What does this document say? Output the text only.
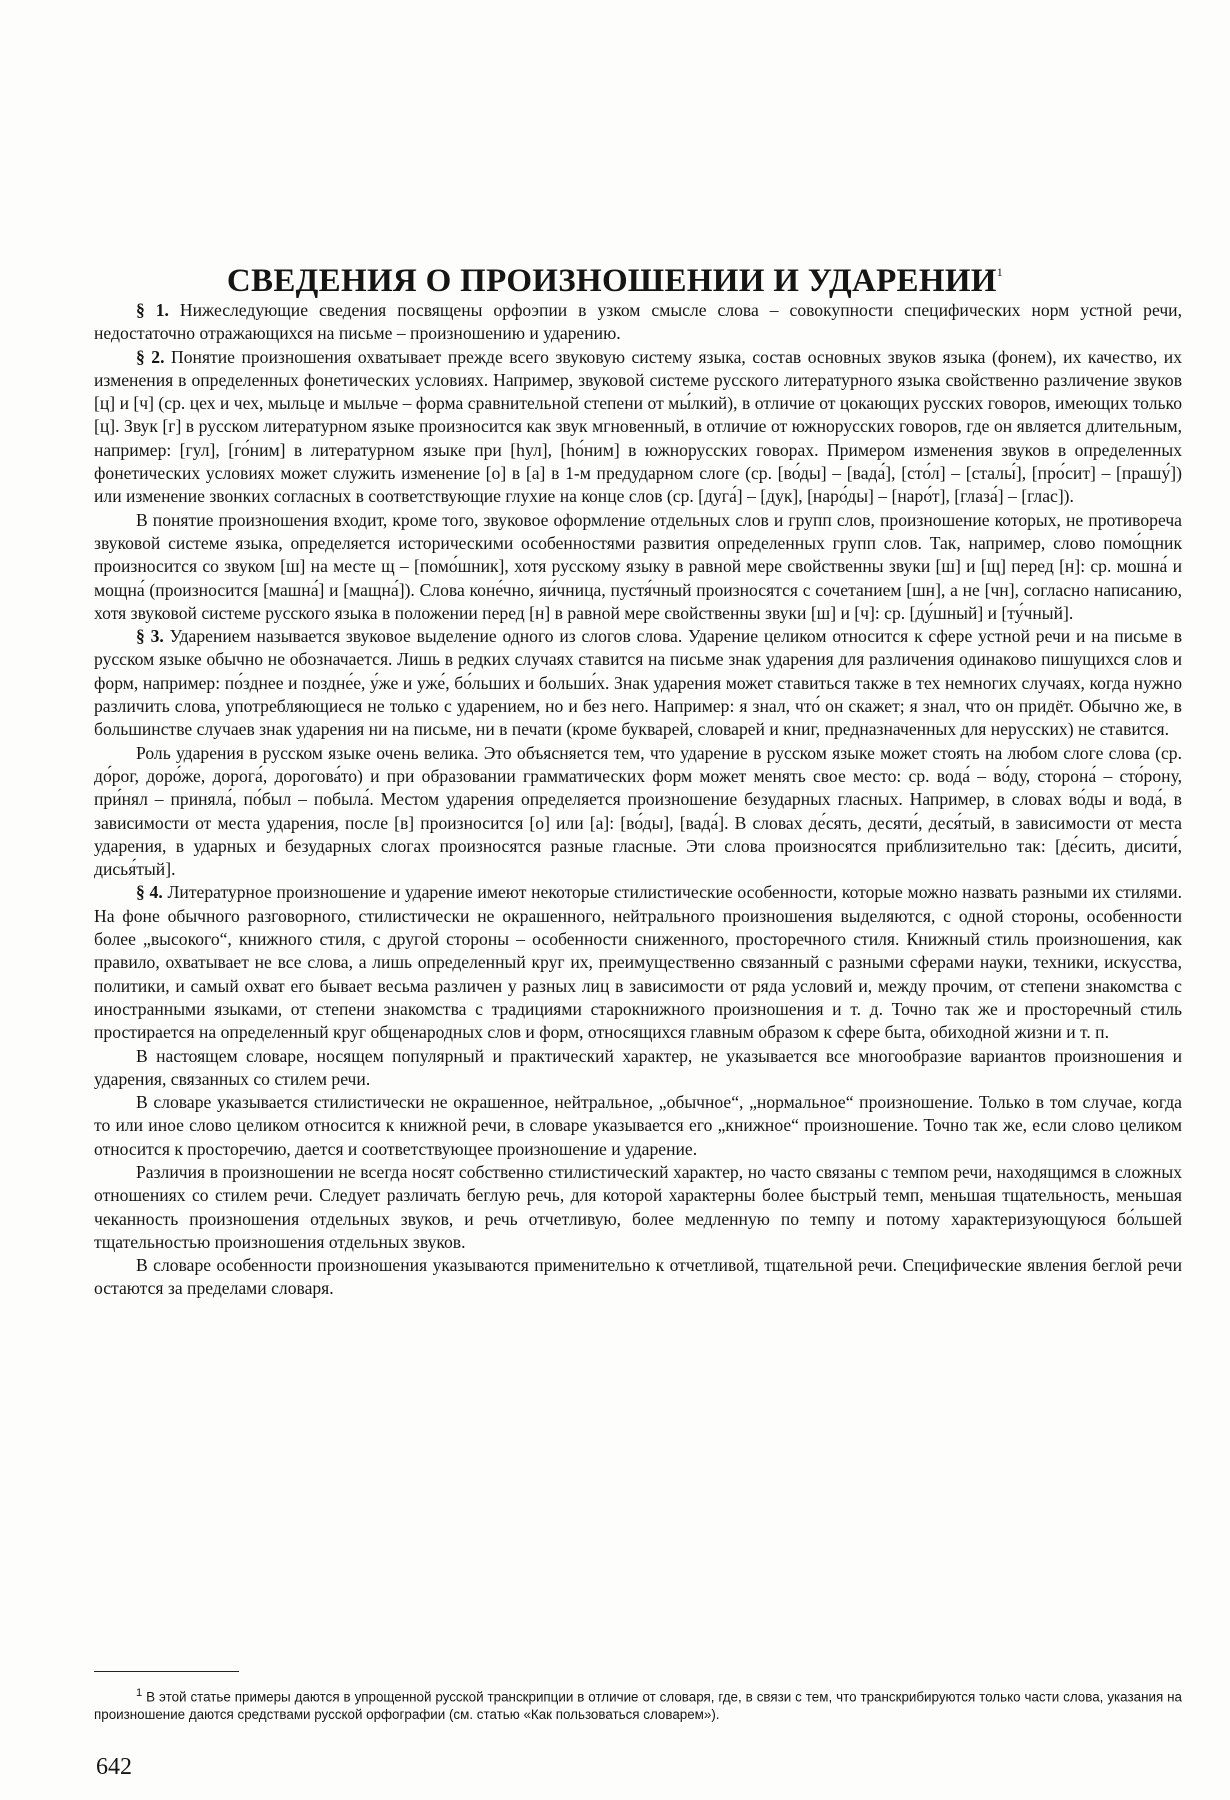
СВЕДЕНИЯ О ПРОИЗНОШЕНИИ И УДАРЕНИИ$^1$

§ 1. Нижеследующие сведения посвящены орфоэпии в узком смысле слова – совокупности специфических норм устной речи, недостаточно отражающихся на письме – произношению и ударению.

§ 2. Понятие произношения охватывает прежде всего звуковую систему языка, состав основных звуков языка (фонем), их качество, их изменения в определенных фонетических условиях. Например, звуковой системе русского литературного языка свойственно различение звуков [ц] и [ч] (ср. цех и чех, мыльце и мыльче – форма сравнительной степени от мы́лкий), в отличие от цокающих русских говоров, имеющих только [ц]. Звук [г] в русском литературном языке произносится как звук мгновенный, в отличие от южнорусских говоров, где он является длительным, например: [гул], [го́ним] в литературном языке при [hул], [hо́ним] в южнорусских говорах. Примером изменения звуков в определенных фонетических условиях может служить изменение [о] в [а] в 1-м предударном слоге (ср. [во́ды] – [вада́], [сто́л] – [сталы́], [про́сит] – [прашу́]) или изменение звонких согласных в соответствующие глухие на конце слов (ср. [дуга́] – [дук], [наро́ды] – [наро́т], [глаза́] – [глас]).

В понятие произношения входит, кроме того, звуковое оформление отдельных слов и групп слов, произношение которых, не противореча звуковой системе языка, определяется историческими особенностями развития определенных групп слов. Так, например, слово помо́щник произносится со звуком [ш] на месте щ – [помо́шник], хотя русскому языку в равной мере свойственны звуки [ш] и [щ] перед [н]: ср. мошна́ и мощна́ (произносится [машна́] и [мащна́]). Слова коне́чно, яи́чница, пустя́чный произносятся с сочетанием [шн], а не [чн], согласно написанию, хотя звуковой системе русского языка в положении перед [н] в равной мере свойственны звуки [ш] и [ч]: ср. [ду́шный] и [ту́чный].

§ 3. Ударением называется звуковое выделение одного из слогов слова. Ударение целиком относится к сфере устной речи и на письме в русском языке обычно не обозначается. Лишь в редких случаях ставится на письме знак ударения для различения одинаково пишущихся слов и форм, например: по́зднее и поздне́е, у́же и уже́, бо́льших и больши́х. Знак ударения может ставиться также в тех немногих случаях, когда нужно различить слова, употребляющиеся не только с ударением, но и без него. Например: я знал, что́ он скажет; я знал, что он придёт. Обычно же, в большинстве случаев знак ударения ни на письме, ни в печати (кроме букварей, словарей и книг, предназначенных для нерусских) не ставится.

Роль ударения в русском языке очень велика. Это объясняется тем, что ударение в русском языке может стоять на любом слоге слова (ср. до́рог, доро́же, дорога́, дорогова́то) и при образовании грамматических форм может менять свое место: ср. вода́ – во́ду, сторона́ – сто́рону, при́нял – приняла́, по́был – побыла́. Местом ударения определяется произношение безударных гласных. Например, в словах во́ды и вода́, в зависимости от места ударения, после [в] произносится [о] или [а]: [во́ды], [вада́]. В словах де́сять, десяти́, деся́тый, в зависимости от места ударения, в ударных и безударных слогах произносятся разные гласные. Эти слова произносятся приблизительно так: [де́сить, дисити́, дисья́тый].

§ 4. Литературное произношение и ударение имеют некоторые стилистические особенности, которые можно назвать разными их стилями. На фоне обычного разговорного, стилистически не окрашенного, нейтрального произношения выделяются, с одной стороны, особенности более „высокого“, книжного стиля, с другой стороны – особенности сниженного, просторечного стиля. Книжный стиль произношения, как правило, охватывает не все слова, а лишь определенный круг их, преимущественно связанный с разными сферами науки, техники, искусства, политики, и самый охват его бывает весьма различен у разных лиц в зависимости от ряда условий и, между прочим, от степени знакомства с иностранными языками, от степени знакомства с традициями старокнижного произношения и т. д. Точно так же и просторечный стиль простирается на определенный круг общенародных слов и форм, относящихся главным образом к сфере быта, обиходной жизни и т. п.

В настоящем словаре, носящем популярный и практический характер, не указывается все многообразие вариантов произношения и ударения, связанных со стилем речи.

В словаре указывается стилистически не окрашенное, нейтральное, „обычное“, „нормальное“ произношение. Только в том случае, когда то или иное слово целиком относится к книжной речи, в словаре указывается его „книжное“ произношение. Точно так же, если слово целиком относится к просторечию, дается и соответствующее произношение и ударение.

Различия в произношении не всегда носят собственно стилистический характер, но часто связаны с темпом речи, находящимся в сложных отношениях со стилем речи. Следует различать беглую речь, для которой характерны более быстрый темп, меньшая тщательность, меньшая чеканность произношения отдельных звуков, и речь отчетливую, более медленную по темпу и потому характеризующуюся бо́льшей тщательностью произношения отдельных звуков.

В словаре особенности произношения указываются применительно к отчетливой, тщательной речи. Специфические явления беглой речи остаются за пределами словаря.

$^1$ В этой статье примеры даются в упрощенной русской транскрипции в отличие от словаря, где, в связи с тем, что транскрибируются только части слова, указания на произношение даются средствами русской орфографии (см. статью «Как пользоваться словарем»).

642
